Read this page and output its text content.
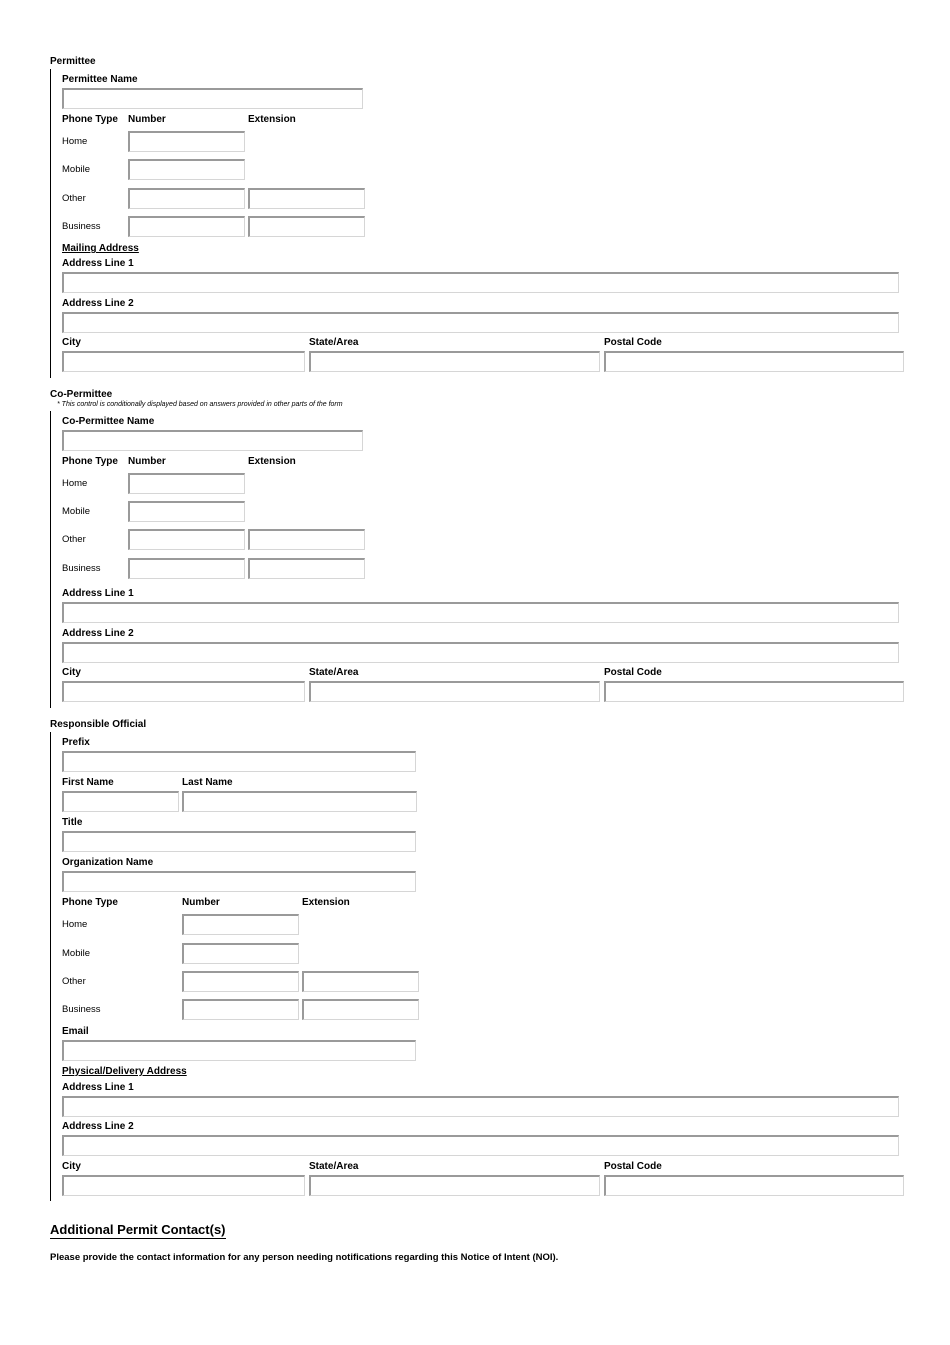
Permittee
Permittee Name
Phone Type Number	Extension
Home
Mobile
Other
Business
Mailing Address
Address Line 1
Address Line 2
City	State/Area	Postal Code
Co-Permittee
* This control is conditionally displayed based on answers provided in other parts of the form
Co-Permittee Name
Phone Type Number	Extension
Home
Mobile
Other
Business
Address Line 1
Address Line 2
City	State/Area	Postal Code
Responsible Official
Prefix
First Name	Last Name
Title
Organization Name
Phone Type	Number	Extension
Home
Mobile
Other
Business
Email
Physical/Delivery Address
Address Line 1
Address Line 2
City	State/Area	Postal Code
Additional Permit Contact(s)
Please provide the contact information for any person needing notifications regarding this Notice of Intent (NOI).
